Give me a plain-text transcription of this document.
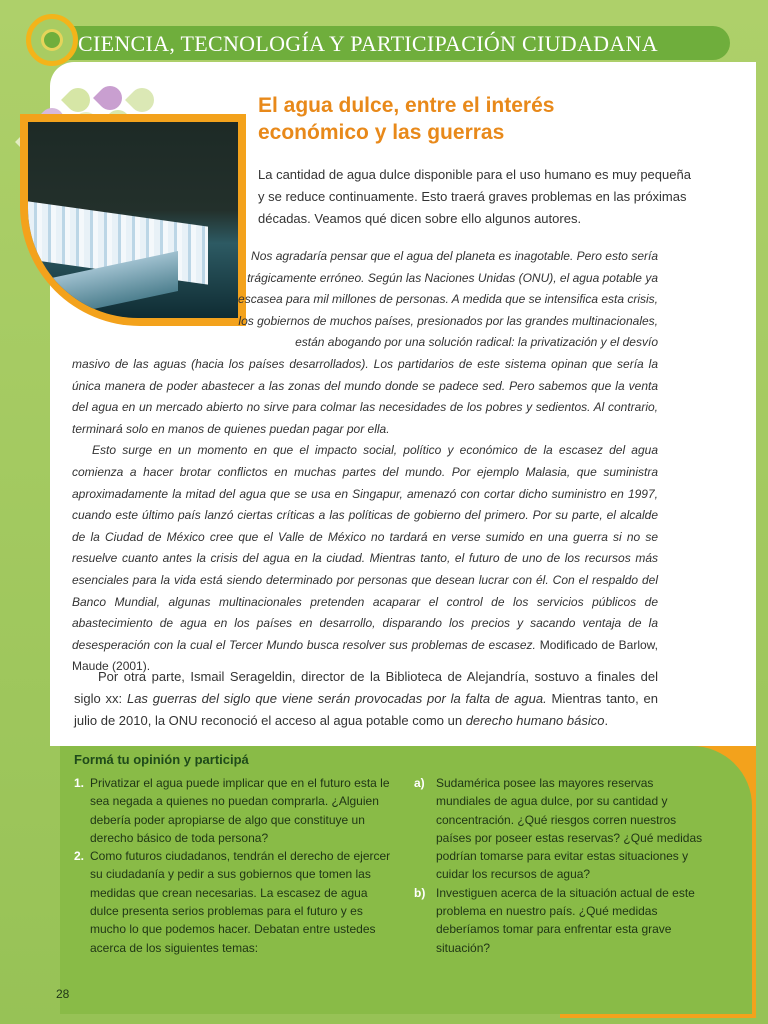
CIENCIA, TECNOLOGÍA Y PARTICIPACIÓN CIUDADANA
El agua dulce, entre el interés
económico y las guerras

La cantidad de agua dulce disponible para el uso humano es muy pequeña y se reduce continuamente. Esto traerá graves problemas en las próximas décadas. Veamos qué dicen sobre ello algunos autores.

Nos agradaría pensar que el agua del planeta es inagotable. Pero esto sería trágicamente erróneo. Según las Naciones Unidas (ONU), el agua potable ya escasea para mil millones de personas. A medida que se intensifica esta crisis, los gobiernos de muchos países, presionados por las grandes multinacionales, están abogando por una solución radical: la privatización y el desvío

masivo de las aguas (hacia los países desarrollados). Los partidarios de este sistema opinan que sería la única manera de poder abastecer a las zonas del mundo donde se padece sed. Pero sabemos que la venta del agua en un mercado abierto no sirve para colmar las necesidades de los pobres y sedientos. Al contrario, terminará solo en manos de quienes puedan pagar por ella.
Esto surge en un momento en que el impacto social, político y económico de la escasez del agua comienza a hacer brotar conflictos en muchas partes del mundo. Por ejemplo Malasia, que suministra aproximadamente la mitad del agua que se usa en Singapur, amenazó con cortar dicho suministro en 1997, cuando este último país lanzó ciertas críticas a las políticas de gobierno del primero. Por su parte, el alcalde de la Ciudad de México cree que el Valle de México no tardará en verse sumido en una guerra si no se resuelve cuanto antes la crisis del agua en la ciudad. Mientras tanto, el futuro de uno de los recursos más esenciales para la vida está siendo determinado por personas que desean lucrar con él. Con el respaldo del Banco Mundial, algunas multinacionales pretenden acaparar el control de los servicios públicos de abastecimiento de agua en los países en desarrollo, disparando los precios y sacando ventaja de la desesperación con la cual el Tercer Mundo busca resolver sus problemas de escasez. Modificado de Barlow, Maude (2001).

Por otra parte, Ismail Serageldin, director de la Biblioteca de Alejandría, sostuvo a finales del siglo xx: Las guerras del siglo que viene serán provocadas por la falta de agua. Mientras tanto, en julio de 2010, la ONU reconoció el acceso al agua potable como un derecho humano básico.

Formá tu opinión y participá

1. Privatizar el agua puede implicar que en el futuro esta le sea negada a quienes no puedan comprarla. ¿Alguien debería poder apropiarse de algo que constituye un derecho básico de toda persona?

2. Como futuros ciudadanos, tendrán el derecho de ejercer su ciudadanía y pedir a sus gobiernos que tomen las medidas que crean necesarias. La escasez de agua dulce presenta serios problemas para el futuro y es mucho lo que podemos hacer. Debatan entre ustedes acerca de los siguientes temas:

a) Sudamérica posee las mayores reservas mundiales de agua dulce, por su cantidad y concentración. ¿Qué riesgos corren nuestros países por poseer estas reservas? ¿Qué medidas podrían tomarse para evitar estas situaciones y cuidar los recursos de agua?

b) Investiguen acerca de la situación actual de este problema en nuestro país. ¿Qué medidas deberíamos tomar para enfrentar esta grave situación?

28
